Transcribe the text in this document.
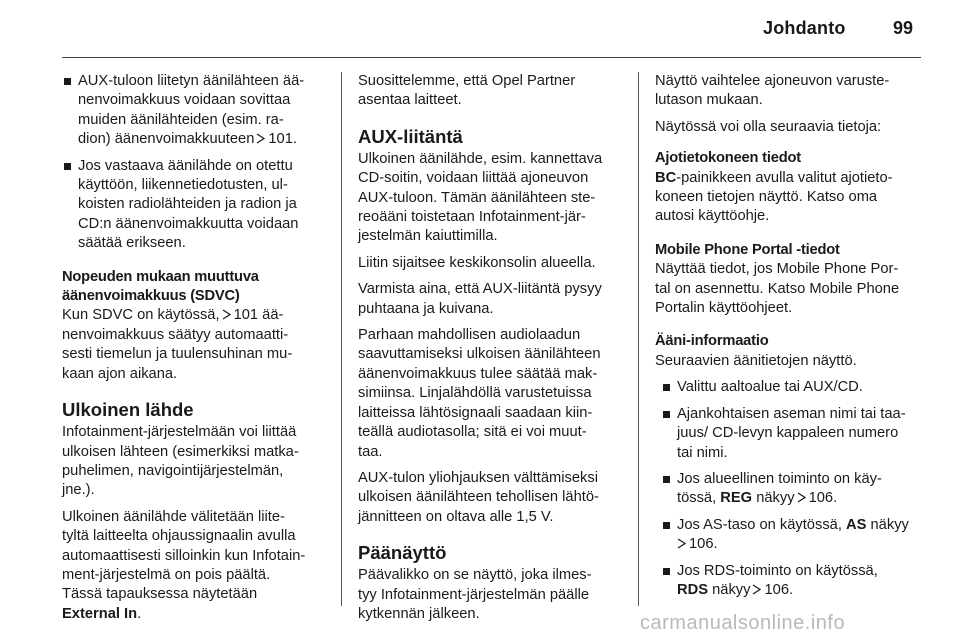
Johdanto	99
AUX-tuloon liitetyn äänilähteen ää-
nenvoimakkuus voidaan sovittaa
muiden äänilähteiden (esim. ra-
dion) äänenvoimakkuuteen 101.
Jos vastaava äänilähde on otettu
käyttöön, liikennetiedotusten, ul-
koisten radiolähteiden ja radion ja
CD:n äänenvoimakkuutta voidaan
säätää erikseen.
Nopeuden mukaan muuttuva
äänenvoimakkuus (SDVC)
Kun SDVC on käytössä, 101 ää-
nenvoimakkuus säätyy automaatti-
sesti tiemelun ja tuulensuhinan mu-
kaan ajon aikana.
Ulkoinen lähde
Infotainment-järjestelmään voi liittää
ulkoisen lähteen (esimerkiksi matka-
puhelimen, navigointijärjestelmän,
jne.).
Ulkoinen äänilähde välitetään liite-
tyltä laitteelta ohjaussignaalin avulla
automaattisesti silloinkin kun Infotain-
ment-järjestelmä on pois päältä.
Tässä tapauksessa näytetään
External In.
Suosittelemme, että Opel Partner
asentaa laitteet.
AUX-liitäntä
Ulkoinen äänilähde, esim. kannettava
CD-soitin, voidaan liittää ajoneuvon
AUX-tuloon. Tämän äänilähteen ste-
reoääni toistetaan Infotainment-jär-
jestelmän kaiuttimilla.
Liitin sijaitsee keskikonsolin alueella.
Varmista aina, että AUX-liitäntä pysyy
puhtaana ja kuivana.
Parhaan mahdollisen audiolaadun
saavuttamiseksi ulkoisen äänilähteen
äänenvoimakkuus tulee säätää mak-
simiinsa. Linjalähdöllä varustetuissa
laitteissa lähtösignaali saadaan kiin-
teällä audiotasolla; sitä ei voi muut-
taa.
AUX-tulon yliohjauksen välttämiseksi
ulkoisen äänilähteen tehollisen lähtö-
jännitteen on oltava alle 1,5 V.
Päänäyttö
Päävalikko on se näyttö, joka ilmes-
tyy Infotainment-järjestelmän päälle
kytkennän jälkeen.
Näyttö vaihtelee ajoneuvon varuste-
lutason mukaan.
Näytössä voi olla seuraavia tietoja:
Ajotietokoneen tiedot
BC-painikkeen avulla valitut ajotieto-
koneen tietojen näyttö. Katso oma
autosi käyttöohje.
Mobile Phone Portal -tiedot
Näyttää tiedot, jos Mobile Phone Por-
tal on asennettu. Katso Mobile Phone
Portalin käyttöohjeet.
Ääni-informaatio
Seuraavien äänitietojen näyttö.
Valittu aaltoalue tai AUX/CD.
Ajankohtaisen aseman nimi tai taa-
juus/ CD-levyn kappaleen numero
tai nimi.
Jos alueellinen toiminto on käy-
tössä, REG näkyy 106.
Jos AS-taso on käytössä, AS näkyy
106.
Jos RDS-toiminto on käytössä,
RDS näkyy 106.
carmanualsonline.info
